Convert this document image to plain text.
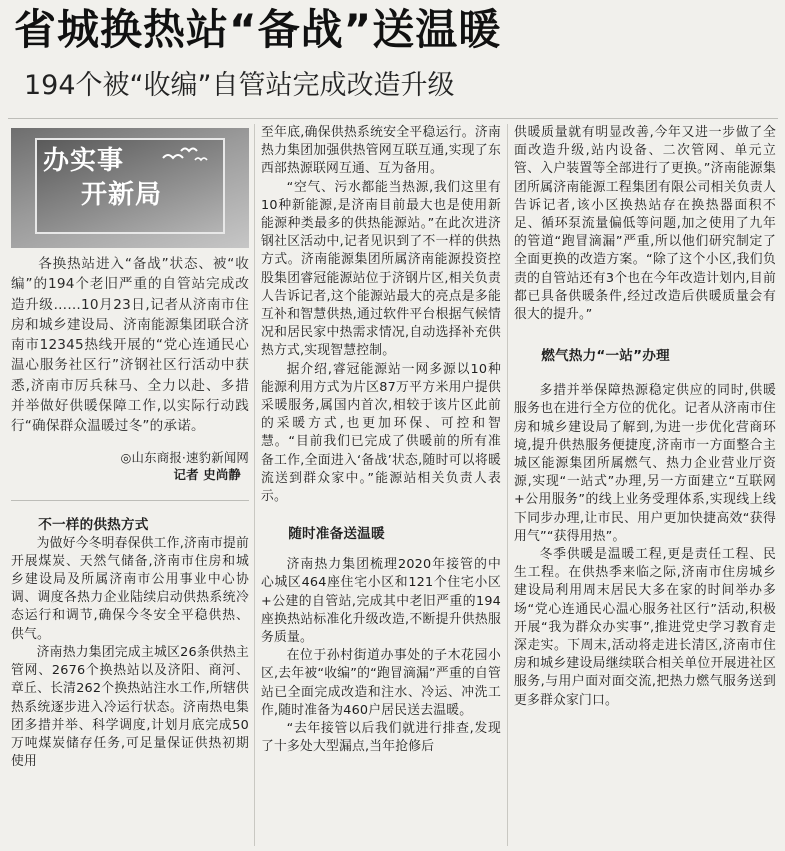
省城换热站“备战”送温暖
194个被“收编”自管站完成改造升级
办实事
开新局

各换热站进入“备战”状态、被“收编”的194个老旧严重的自管站完成改造升级……10月23日,记者从济南市住房和城乡建设局、济南能源集团联合济南市12345热线开展的“党心连通民心温心服务社区行”济钢社区行活动中获悉,济南市厉兵秣马、全力以赴、多措并举做好供暖保障工作,以实际行动践行“确保群众温暖过冬”的承诺。

◎山东商报·速豹新闻网

记者 史尚静

不一样的供热方式

为做好今冬明春保供工作,济南市提前开展煤炭、天然气储备,济南市住房和城乡建设局及所属济南市公用事业中心协调、调度各热力企业陆续启动供热系统冷态运行和调节,确保今冬安全平稳供热、供气。

济南热力集团完成主城区26条供热主管网、2676个换热站以及济阳、商河、章丘、长清262个换热站注水工作,所辖供热系统逐步进入冷运行状态。济南热电集团多措并举、科学调度,计划月底完成50万吨煤炭储存任务,可足量保证供热初期使用

至年底,确保供热系统安全平稳运行。济南热力集团加强供热管网互联互通,实现了东西部热源联网互通、互为备用。

“空气、污水都能当热源,我们这里有10种新能源,是济南目前最大也是使用新能源种类最多的供热能源站。”在此次进济钢社区活动中,记者见识到了不一样的供热方式。济南能源集团所属济南能源投资控股集团睿冠能源站位于济钢片区,相关负责人告诉记者,这个能源站最大的亮点是多能互补和智慧供热,通过软件平台根据气候情况和居民家中热需求情况,自动选择补充供热方式,实现智慧控制。

据介绍,睿冠能源站一网多源以10种能源利用方式为片区87万平方米用户提供采暖服务,属国内首次,相较于该片区此前的采暖方式,也更加环保、可控和智慧。“目前我们已完成了供暖前的所有准备工作,全面进入‘备战’状态,随时可以将暖流送到群众家中。”能源站相关负责人表示。

随时准备送温暖

济南热力集团梳理2020年接管的中心城区464座住宅小区和121个住宅小区+公建的自管站,完成其中老旧严重的194座换热站标准化升级改造,不断提升供热服务质量。

在位于孙村街道办事处的子木花园小区,去年被“收编”的“跑冒滴漏”严重的自管站已全面完成改造和注水、冷运、冲洗工作,随时准备为460户居民送去温暖。

“去年接管以后我们就进行排查,发现了十多处大型漏点,当年抢修后

供暖质量就有明显改善,今年又进一步做了全面改造升级,站内设备、二次管网、单元立管、入户装置等全部进行了更换。”济南能源集团所属济南能源工程集团有限公司相关负责人告诉记者,该小区换热站存在换热器面积不足、循环泵流量偏低等问题,加之使用了九年的管道“跑冒滴漏”严重,所以他们研究制定了全面更换的改造方案。“除了这个小区,我们负责的自管站还有3个也在今年改造计划内,目前都已具备供暖条件,经过改造后供暖质量会有很大的提升。”

燃气热力“一站”办理

多措并举保障热源稳定供应的同时,供暖服务也在进行全方位的优化。记者从济南市住房和城乡建设局了解到,为进一步优化营商环境,提升供热服务便捷度,济南市一方面整合主城区能源集团所属燃气、热力企业营业厅资源,实现“一站式”办理,另一方面建立“互联网+公用服务”的线上业务受理体系,实现线上线下同步办理,让市民、用户更加快捷高效“获得用气”“获得用热”。

冬季供暖是温暖工程,更是责任工程、民生工程。在供热季来临之际,济南市住房城乡建设局利用周末居民大多在家的时间举办多场“党心连通民心温心服务社区行”活动,积极开展“我为群众办实事”,推进党史学习教育走深走实。下周末,活动将走进长清区,济南市住房和城乡建设局继续联合相关单位开展进社区服务,与用户面对面交流,把热力燃气服务送到更多群众家门口。
